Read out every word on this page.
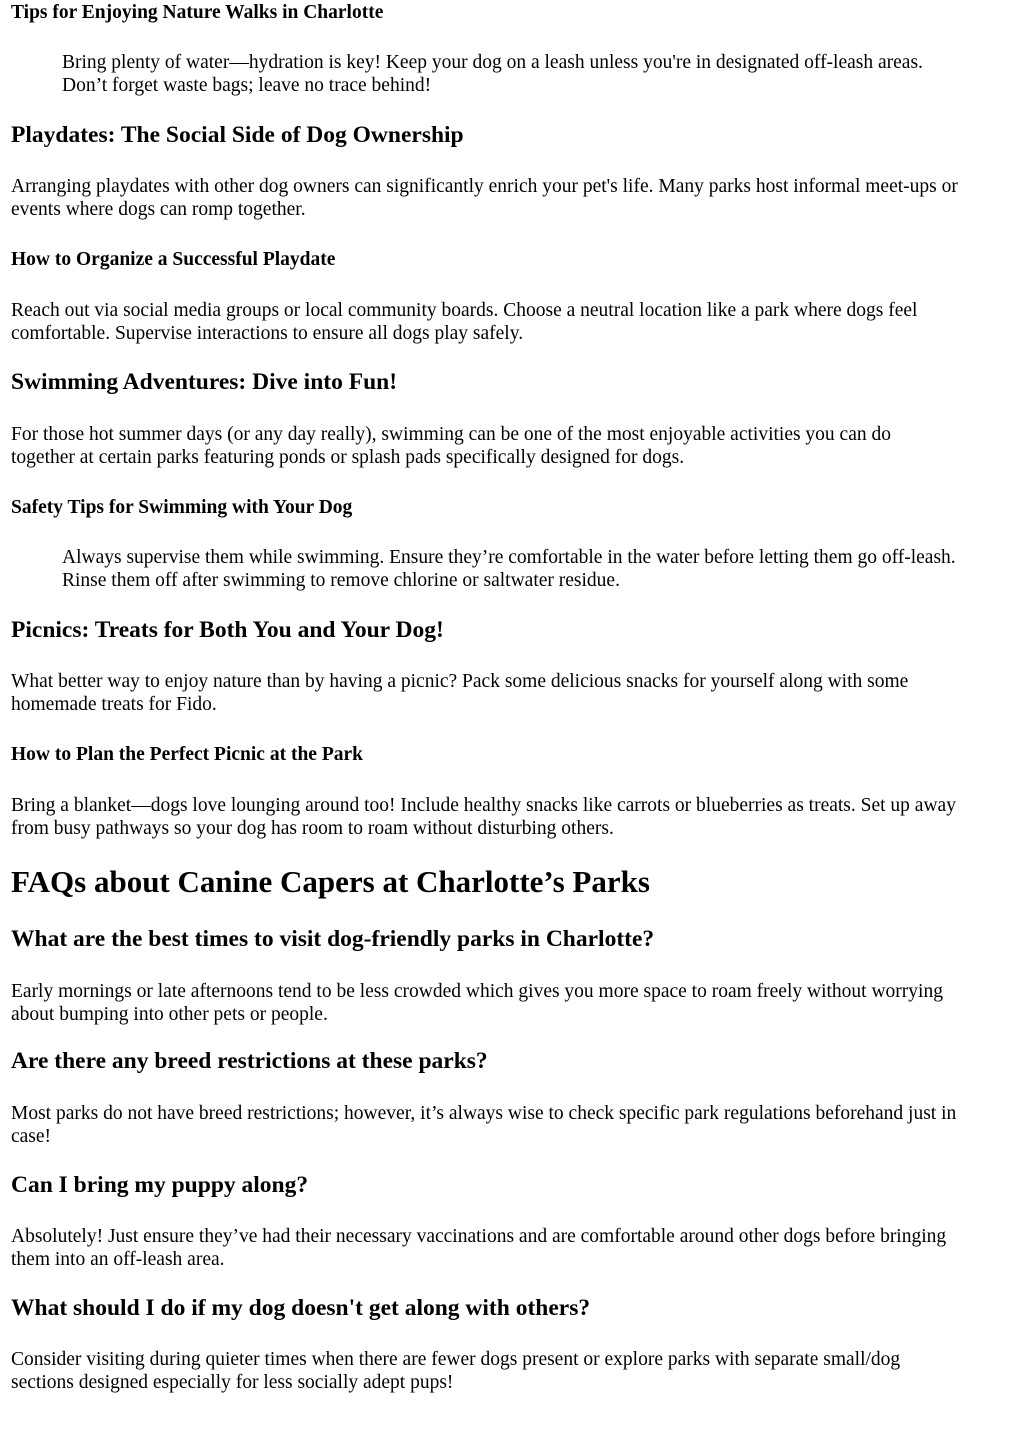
Tips for Enjoying Nature Walks in Charlotte
Bring plenty of water—hydration is key! Keep your dog on a leash unless you're in designated off-leash areas.
Don’t forget waste bags; leave no trace behind!
Playdates: The Social Side of Dog Ownership

Arranging playdates with other dog owners can significantly enrich your pet's life. Many parks host informal meet-ups or
events where dogs can romp together.

How to Organize a Successful Playdate

Reach out via social media groups or local community boards. Choose a neutral location like a park where dogs feel
comfortable. Supervise interactions to ensure all dogs play safely.

Swimming Adventures: Dive into Fun!

For those hot summer days (or any day really), swimming can be one of the most enjoyable activities you can do
together at certain parks featuring ponds or splash pads specifically designed for dogs.

Safety Tips for Swimming with Your Dog
Always supervise them while swimming. Ensure they’re comfortable in the water before letting them go off-leash.
Rinse them off after swimming to remove chlorine or saltwater residue.
Picnics: Treats for Both You and Your Dog!

What better way to enjoy nature than by having a picnic? Pack some delicious snacks for yourself along with some
homemade treats for Fido.

How to Plan the Perfect Picnic at the Park

Bring a blanket—dogs love lounging around too! Include healthy snacks like carrots or blueberries as treats. Set up away
from busy pathways so your dog has room to roam without disturbing others.

FAQs about Canine Capers at Charlotte’s Parks
What are the best times to visit dog-friendly parks in Charlotte?

Early mornings or late afternoons tend to be less crowded which gives you more space to roam freely without worrying
about bumping into other pets or people.

Are there any breed restrictions at these parks?

Most parks do not have breed restrictions; however, it’s always wise to check specific park regulations beforehand just in
case!

Can I bring my puppy along?

Absolutely! Just ensure they’ve had their necessary vaccinations and are comfortable around other dogs before bringing
them into an off-leash area.

What should I do if my dog doesn't get along with others?

Consider visiting during quieter times when there are fewer dogs present or explore parks with separate small/dog
sections designed especially for less socially adept pups!
